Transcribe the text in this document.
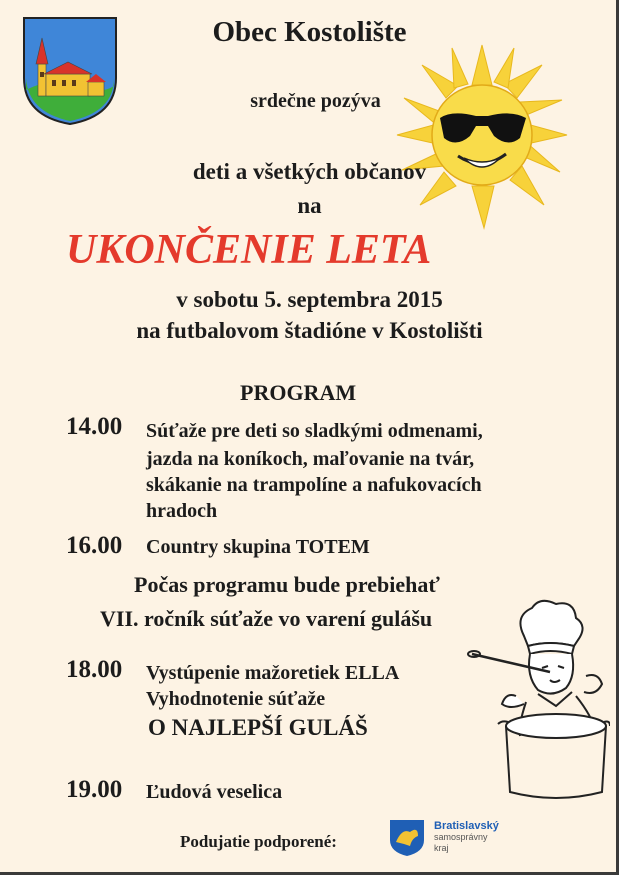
Obec Kostolište
srdečne pozýva
deti a všetkých občanov
na
UKONČENIE LETA
v sobotu 5. septembra 2015
na futbalovom štadióne v Kostolišti
PROGRAM
14.00 Súťaže pre deti so sladkými odmenami,
jazda na koníkoch, maľovanie na tvár,
skákanie na trampolíne a nafukovacích
hradoch
16.00 Country skupina TOTEM
Počas programu bude prebiehať
VII. ročník súťaže vo varení gulášu
18.00 Vystúpenie mažoretiek ELLA
Vyhodnotenie súťaže
O NAJLEPŠÍ GULÁŠ
19.00 Ľudová veselica
Podujatie podporené:
Bratislavský
samosprávny
kraj
